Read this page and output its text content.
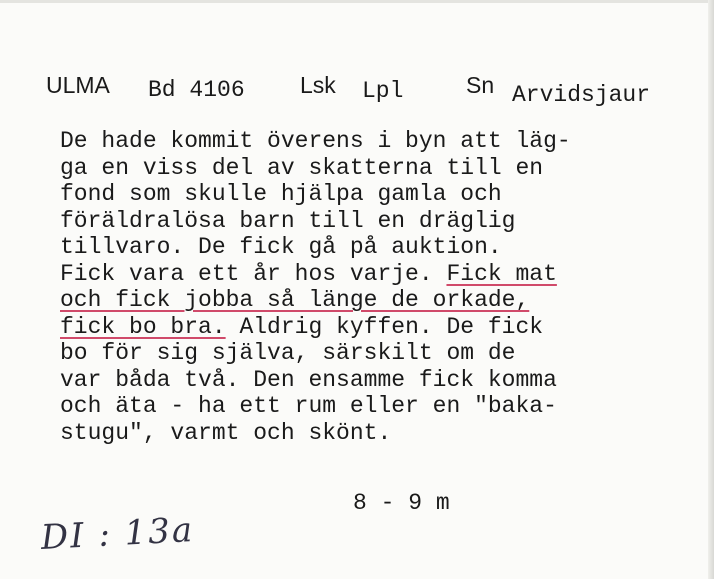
ULMA Bd 4106 Lsk Lpl	Sn Arvidsjaur
De hade kommit överens i byn att läg-
ga en viss del av skatterna till en
fond som skulle hjälpa gamla och
föräldralösa barn till en dräglig
tillvaro. De fick gå på auktion.
Fick vara ett år hos varje. Fick mat
och fick jobba så länge de orkade,
fick bo bra. Aldrig kyffen. De fick
bo för sig själva, särskilt om de
var båda två. Den ensamme fick komma
och äta - ha ett rum eller en "baka-
stugu", varmt och skönt.
8 - 9 m
DI : 13a
